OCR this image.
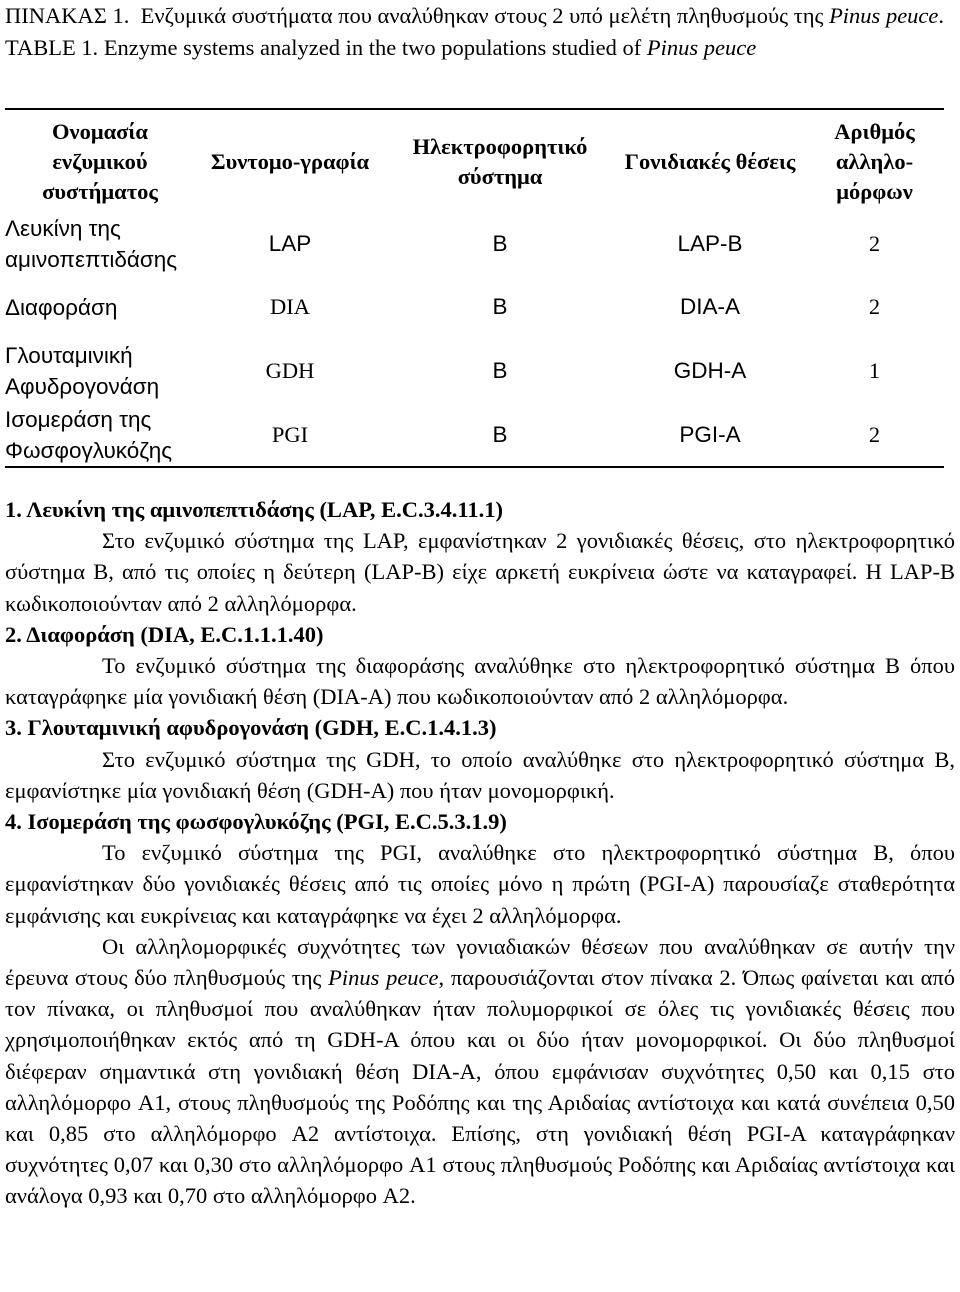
ΠΙΝΑΚΑΣ 1. Ενζυμικά συστήματα που αναλύθηκαν στους 2 υπό μελέτη πληθυσμούς της Pinus peuce.
TABLE 1. Enzyme systems analyzed in the two populations studied of Pinus peuce

Ονομασία ενζυμικού συστήματος	Συντομο-γραφία	Ηλεκτροφορητικό σύστημα	Γονιδιακές θέσεις	Αριθμός αλληλο-μόρφων
Λευκίνη της αμινοπεπτιδάσης	LAP	B	LAP-B	2
Διαφοράση	DIA	B	DIA-A	2
Γλουταμινική Αφυδρογονάση	GDH	B	GDH-A	1
Ισομεράση της Φωσφογλυκόζης	PGI	B	PGI-A	2

1. Λευκίνη της αμινοπεπτιδάσης (LAP, E.C.3.4.11.1)

Στο ενζυμικό σύστημα της LAP, εμφανίστηκαν 2 γονιδιακές θέσεις, στο ηλεκτροφορητικό σύστημα B, από τις οποίες η δεύτερη (LAP-B) είχε αρκετή ευκρίνεια ώστε να καταγραφεί. Η LAP-B κωδικοποιούνταν από 2 αλληλόμορφα.

2. Διαφοράση (DIA, E.C.1.1.1.40)

Το ενζυμικό σύστημα της διαφοράσης αναλύθηκε στο ηλεκτροφορητικό σύστημα B όπου καταγράφηκε μία γονιδιακή θέση (DIA-A) που κωδικοποιούνταν από 2 αλληλόμορφα.

3. Γλουταμινική αφυδρογονάση (GDH, E.C.1.4.1.3)

Στο ενζυμικό σύστημα της GDH, το οποίο αναλύθηκε στο ηλεκτροφορητικό σύστημα B, εμφανίστηκε μία γονιδιακή θέση (GDH-A) που ήταν μονομορφική.

4. Ισομεράση της φωσφογλυκόζης (PGI, E.C.5.3.1.9)

Το ενζυμικό σύστημα της PGI, αναλύθηκε στο ηλεκτροφορητικό σύστημα B, όπου εμφανίστηκαν δύο γονιδιακές θέσεις από τις οποίες μόνο η πρώτη (PGI-A) παρουσίαζε σταθερότητα εμφάνισης και ευκρίνειας και καταγράφηκε να έχει 2 αλληλόμορφα.

Οι αλληλομορφικές συχνότητες των γονιαδιακών θέσεων που αναλύθηκαν σε αυτήν την έρευνα στους δύο πληθυσμούς της Pinus peuce, παρουσιάζονται στον πίνακα 2. Όπως φαίνεται και από τον πίνακα, οι πληθυσμοί που αναλύθηκαν ήταν πολυμορφικοί σε όλες τις γονιδιακές θέσεις που χρησιμοποιήθηκαν εκτός από τη GDH-A όπου και οι δύο ήταν μονομορφικοί. Οι δύο πληθυσμοί διέφεραν σημαντικά στη γονιδιακή θέση DIA-A, όπου εμφάνισαν συχνότητες 0,50 και 0,15 στο αλληλόμορφο A1, στους πληθυσμούς της Ροδόπης και της Αριδαίας αντίστοιχα και κατά συνέπεια 0,50 και 0,85 στο αλληλόμορφο A2 αντίστοιχα. Επίσης, στη γονιδιακή θέση PGI-A καταγράφηκαν συχνότητες 0,07 και 0,30 στο αλληλόμορφο A1 στους πληθυσμούς Ροδόπης και Αριδαίας αντίστοιχα και ανάλογα 0,93 και 0,70 στο αλληλόμορφο A2.
